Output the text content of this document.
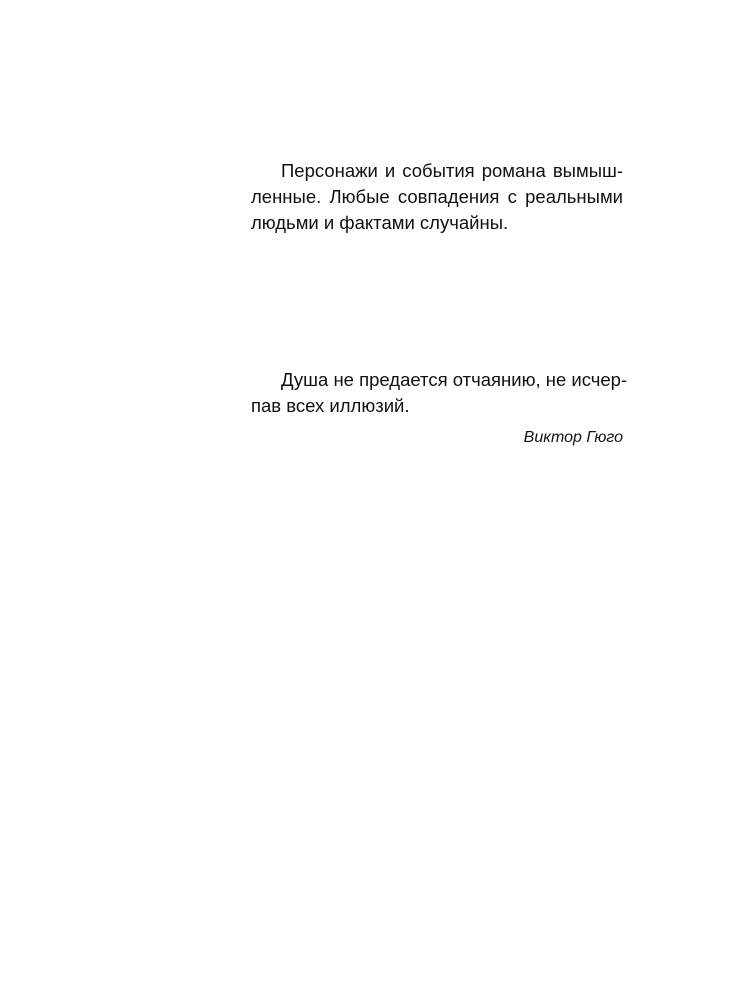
Персонажи и события романа вымыш-
ленные. Любые совпадения с реальными
людьми и фактами случайны.
Душа не предается отчаянию, не исчер-
пав всех иллюзий.
Виктор Гюго
